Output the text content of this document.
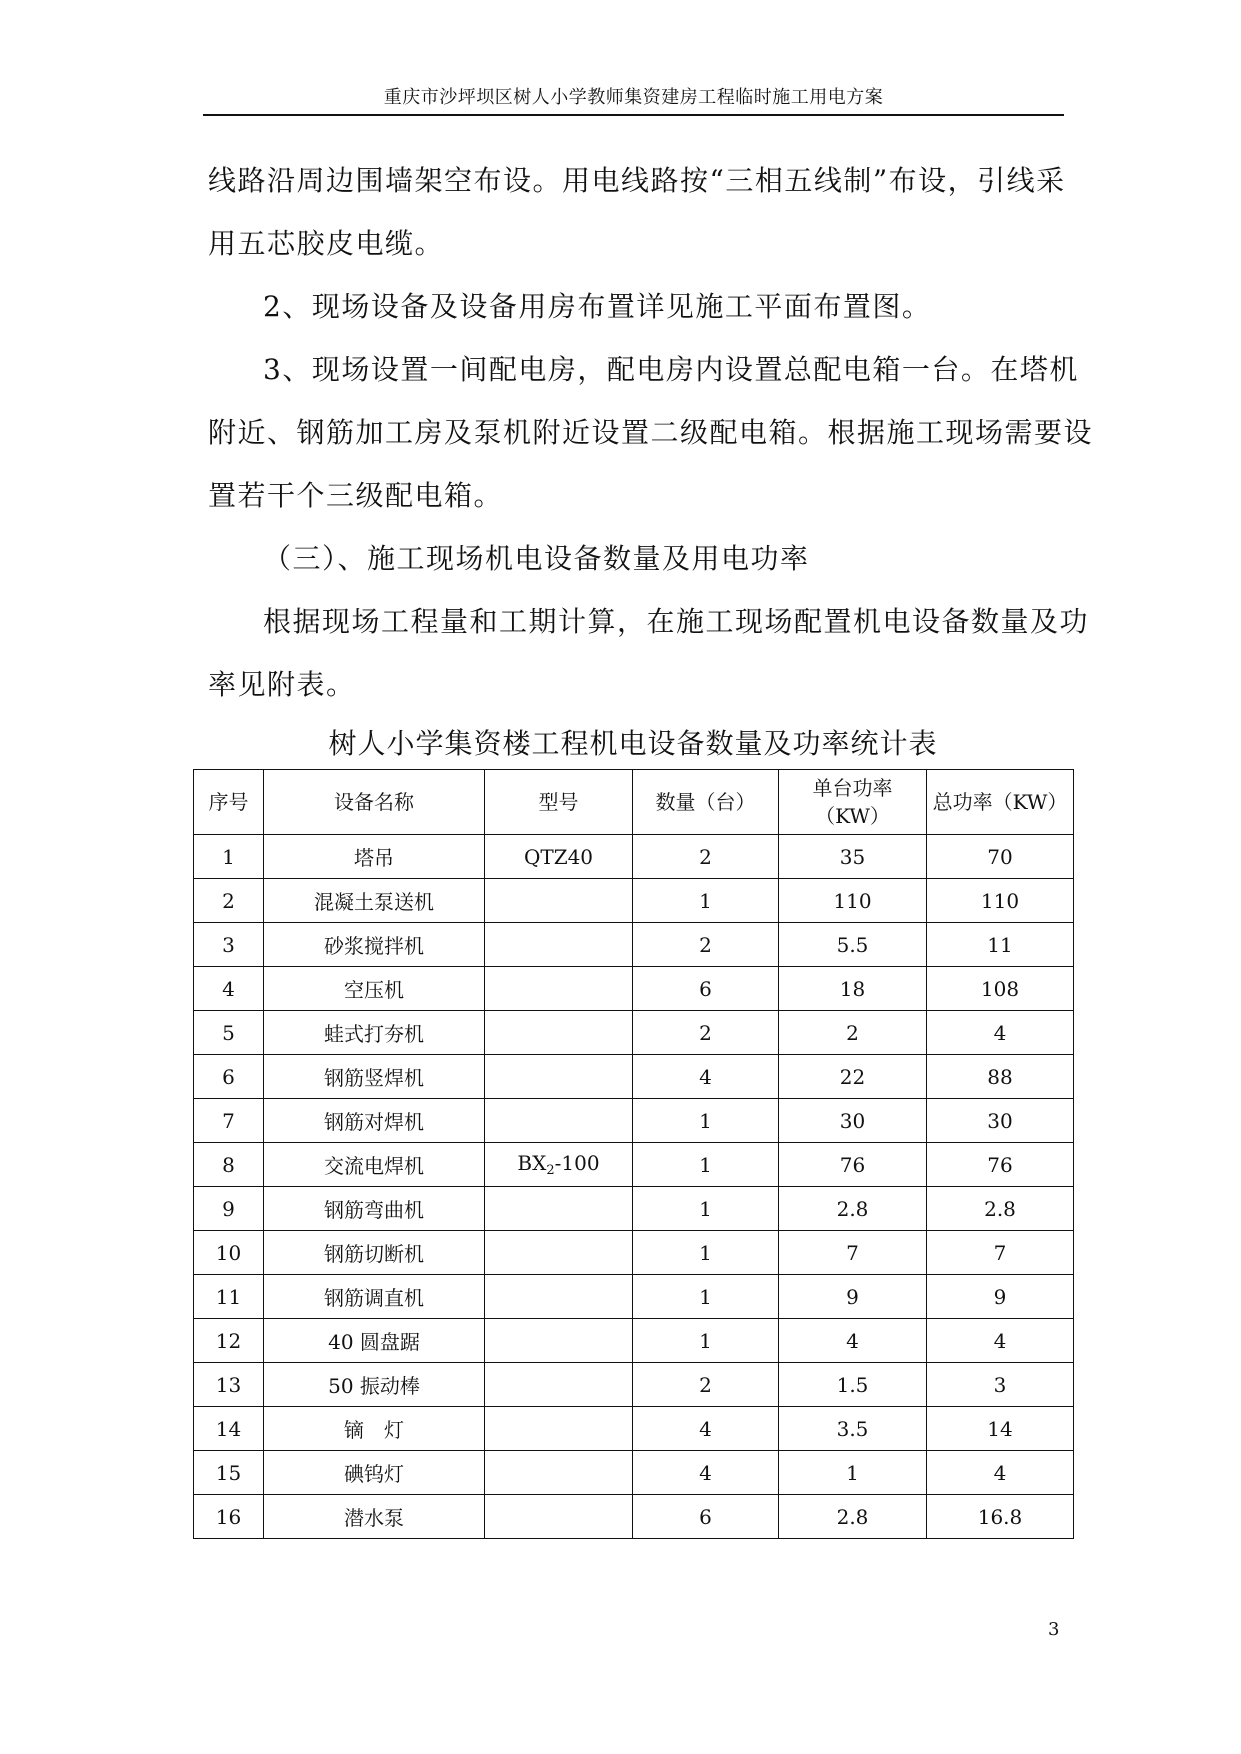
重庆市沙坪坝区树人小学教师集资建房工程临时施工用电方案
线路沿周边围墙架空布设。用电线路按“三相五线制”布设，引线采
用五芯胶皮电缆。
2、现场设备及设备用房布置详见施工平面布置图。
3、现场设置一间配电房，配电房内设置总配电箱一台。在塔机
附近、钢筋加工房及泵机附近设置二级配电箱。根据施工现场需要设
置若干个三级配电箱。
（三）、施工现场机电设备数量及用电功率
根据现场工程量和工期计算，在施工现场配置机电设备数量及功
率见附表。
树人小学集资楼工程机电设备数量及功率统计表
序号	设备名称	型号	数量（台）	单台功率
（KW）	总功率（KW）
1	塔吊	QTZ40	2	35	70
2	混凝土泵送机		1	110	110
3	砂浆搅拌机		2	5.5	11
4	空压机		6	18	108
5	蛙式打夯机		2	2	4
6	钢筋竖焊机		4	22	88
7	钢筋对焊机		1	30	30
8	交流电焊机	$BX_2-100$	1	76	76
9	钢筋弯曲机		1	2.8	2.8
10	钢筋切断机		1	7	7
11	钢筋调直机		1	9	9
12	40 圆盘踞		1	4	4
13	50 振动棒		2	1.5	3
14	镝　灯		4	3.5	14
15	碘钨灯		4	1	4
16	潜水泵		6	2.8	16.8
3
